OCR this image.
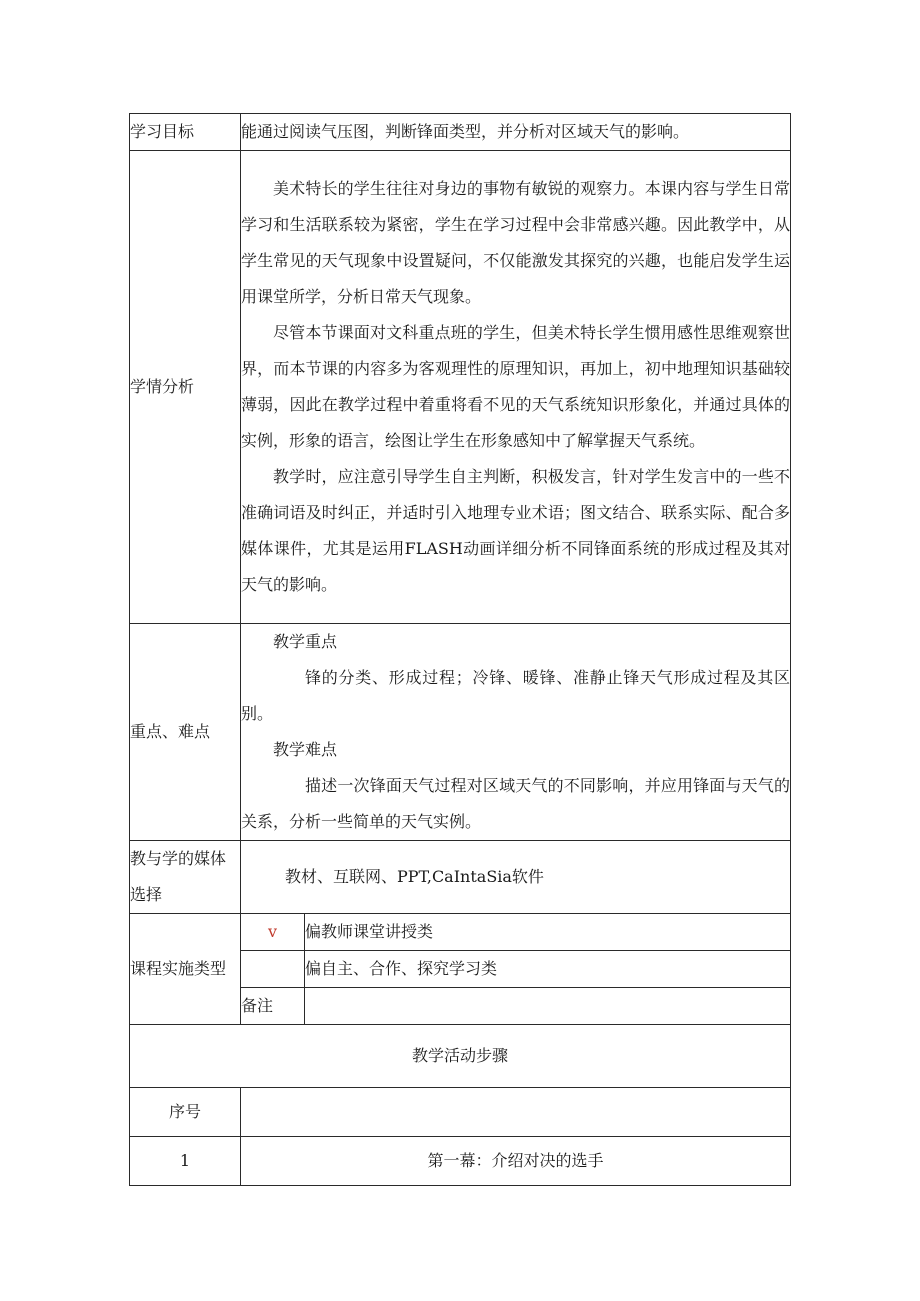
学习目标	能通过阅读气压图，判断锋面类型，并分析对区域天气的影响。	
学情分析	美术特长的学生往往对身边的事物有敏锐的观察力。本课内容与学生日常学习和生活联系较为紧密，学生在学习过程中会非常感兴趣。因此教学中，从学生常见的天气现象中设置疑问，不仅能激发其探究的兴趣，也能启发学生运用课堂所学，分析日常天气现象。

尽管本节课面对文科重点班的学生，但美术特长学生惯用感性思维观察世界，而本节课的内容多为客观理性的原理知识，再加上，初中地理知识基础较薄弱，因此在教学过程中着重将看不见的天气系统知识形象化，并通过具体的实例，形象的语言，绘图让学生在形象感知中了解掌握天气系统。

教学时，应注意引导学生自主判断，积极发言，针对学生发言中的一些不准确词语及时纠正，并适时引入地理专业术语；图文结合、联系实际、配合多媒体课件，尤其是运用FLASH动画详细分析不同锋面系统的形成过程及其对天气的影响。	

重点、难点	敎学重点

锋的分类、形成过程；冷锋、暖锋、准静止锋天气形成过程及其区别。

教学难点

描述一次锋面天气过程对区域天气的不同影响，并应用锋面与天气的关系，分析一些简单的天气实例。	

教与学的媒体选择	教材、互联网、PPT,CaIntaSia软件	
课程实施类型	v	偏教师课堂讲授类
		偏自主、合作、探究学习类
	备注	
教学活动步骤		
序号		
1	第一幕：介绍对决的选手	
